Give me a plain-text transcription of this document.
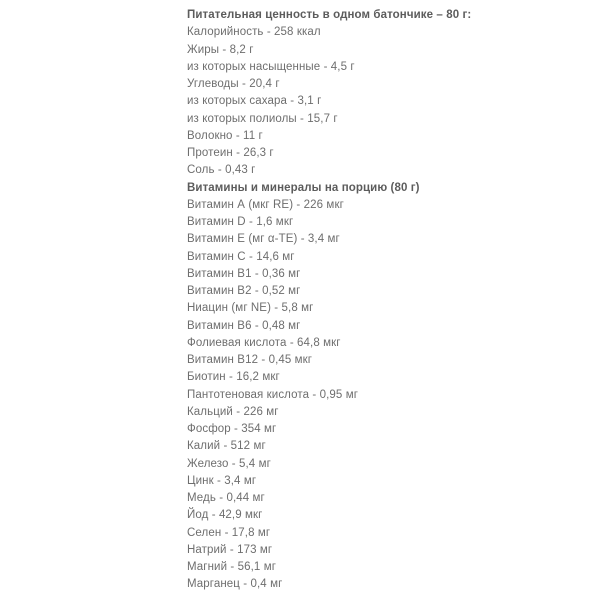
Питательная ценность в одном батончике – 80 г:
Калорийность - 258 ккал
Жиры - 8,2 г
из которых насыщенные - 4,5 г
Углеводы - 20,4 г
из которых сахара - 3,1 г
из которых полиолы - 15,7 г
Волокно - 11 г
Протеин - 26,3 г
Соль - 0,43 г
Витамины и минералы на порцию (80 г)
Витамин А (мкг RE) - 226 мкг
Витамин D - 1,6 мкг
Витамин E (мг α-TE) - 3,4 мг
Витамин C - 14,6 мг
Витамин B1 - 0,36 мг
Витамин B2 - 0,52 мг
Ниацин (мг NE) - 5,8 мг
Витамин B6 - 0,48 мг
Фолиевая кислота - 64,8 мкг
Витамин B12 - 0,45 мкг
Биотин - 16,2 мкг
Пантотеновая кислота - 0,95 мг
Кальций - 226 мг
Фосфор - 354 мг
Калий - 512 мг
Железо - 5,4 мг
Цинк - 3,4 мг
Медь - 0,44 мг
Йод - 42,9 мкг
Селен - 17,8 мг
Натрий - 173 мг
Магний - 56,1 мг
Марганец - 0,4 мг
